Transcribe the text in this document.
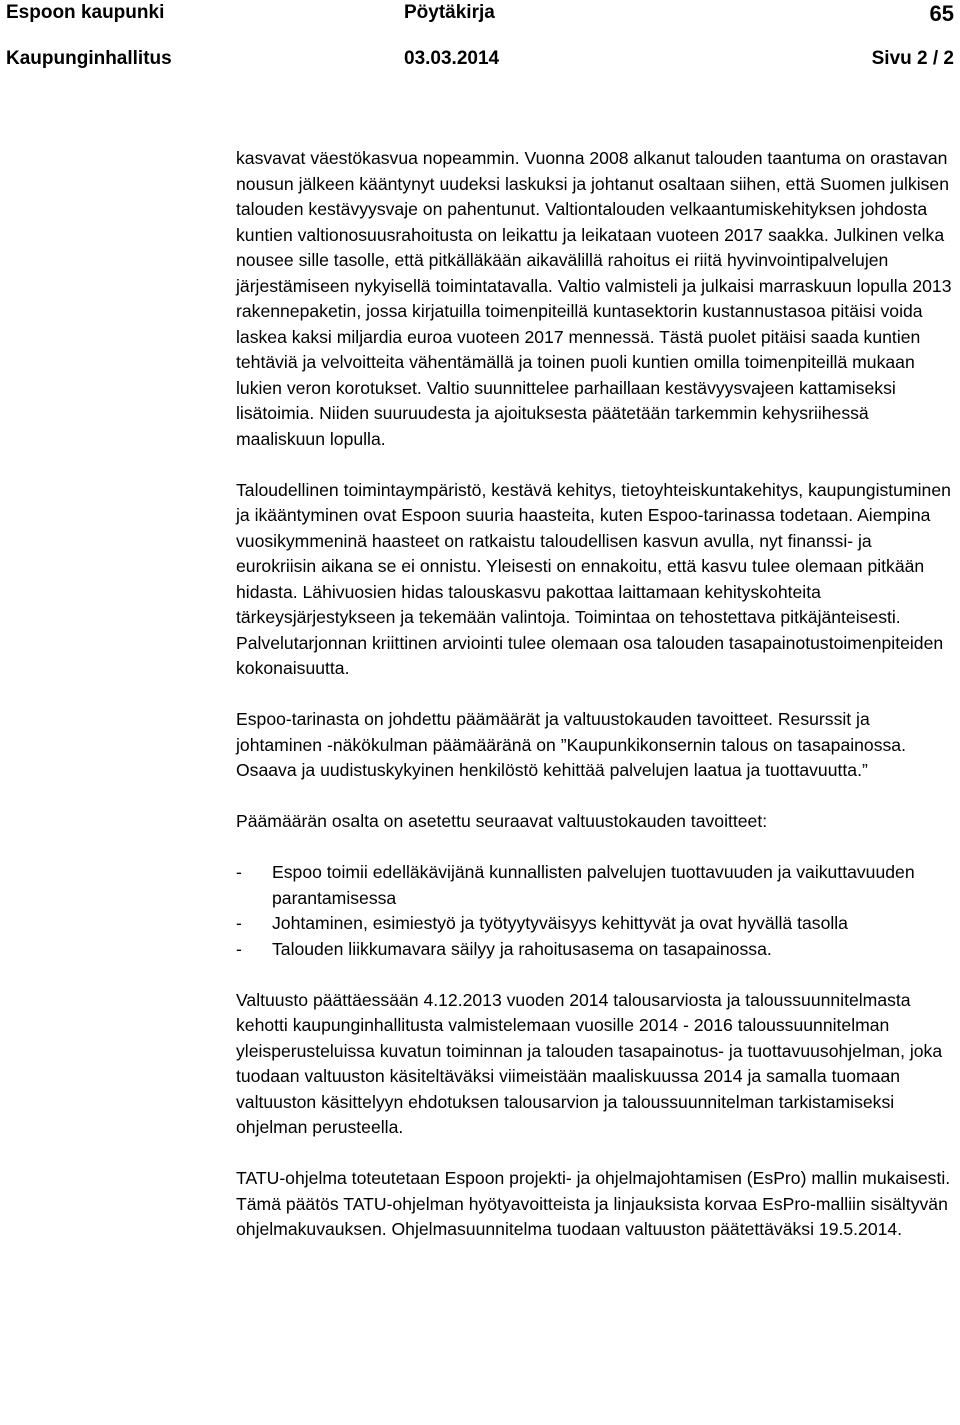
Espoon kaupunki	Pöytäkirja	65
Kaupunginhallitus	03.03.2014	Sivu 2 / 2

kasvavat väestökasvua nopeammin. Vuonna 2008 alkanut talouden taantuma on orastavan nousun jälkeen kääntynyt uudeksi laskuksi ja johtanut osaltaan siihen, että Suomen julkisen talouden kestävyysvaje on pahentunut. Valtiontalouden velkaantumiskehityksen johdosta kuntien valtionosuusrahoitusta on leikattu ja leikataan vuoteen 2017 saakka. Julkinen velka nousee sille tasolle, että pitkälläkään aikavälillä rahoitus ei riitä hyvinvointipalvelujen järjestämiseen nykyisellä toimintatavalla. Valtio valmisteli ja julkaisi marraskuun lopulla 2013 rakennepaketin, jossa kirjatuilla toimenpiteillä kuntasektorin kustannustasoa pitäisi voida laskea kaksi miljardia euroa vuoteen 2017 mennessä. Tästä puolet pitäisi saada kuntien tehtäviä ja velvoitteita vähentämällä ja toinen puoli kuntien omilla toimenpiteillä mukaan lukien veron korotukset. Valtio suunnittelee parhaillaan kestävyysvajeen kattamiseksi lisätoimia. Niiden suuruudesta ja ajoituksesta päätetään tarkemmin kehysriihessä maaliskuun lopulla.

Taloudellinen toimintaympäristö, kestävä kehitys, tietoyhteiskuntakehitys, kaupungistuminen ja ikääntyminen ovat Espoon suuria haasteita, kuten Espoo-tarinassa todetaan. Aiempina vuosikymmeninä haasteet on ratkaistu taloudellisen kasvun avulla, nyt finanssi- ja eurokriisin aikana se ei onnistu. Yleisesti on ennakoitu, että kasvu tulee olemaan pitkään hidasta. Lähivuosien hidas talouskasvu pakottaa laittamaan kehityskohteita tärkeysjärjestykseen ja tekemään valintoja. Toimintaa on tehostettava pitkäjänteisesti. Palvelutarjonnan kriittinen arviointi tulee olemaan osa talouden tasapainotustoimenpiteiden kokonaisuutta.

Espoo-tarinasta on johdettu päämäärät ja valtuustokauden tavoitteet. Resurssit ja johtaminen -näkökulman päämääränä on ”Kaupunkikonsernin talous on tasapainossa. Osaava ja uudistuskykyinen henkilöstö kehittää palvelujen laatua ja tuottavuutta.”

Päämäärän osalta on asetettu seuraavat valtuustokauden tavoitteet:

- Espoo toimii edelläkävijänä kunnallisten palvelujen tuottavuuden ja vaikuttavuuden parantamisessa
- Johtaminen, esimiestyö ja työtyytyväisyys kehittyvät ja ovat hyvällä tasolla
- Talouden liikkumavara säilyy ja rahoitusasema on tasapainossa.

Valtuusto päättäessään 4.12.2013 vuoden 2014 talousarviosta ja taloussuunnitelmasta kehotti kaupunginhallitusta valmistelemaan vuosille 2014 - 2016 taloussuunnitelman yleisperusteluissa kuvatun toiminnan ja talouden tasapainotus- ja tuottavuusohjelman, joka tuodaan valtuuston käsiteltäväksi viimeistään maaliskuussa 2014 ja samalla tuomaan valtuuston käsittelyyn ehdotuksen talousarvion ja taloussuunnitelman tarkistamiseksi ohjelman perusteella.

TATU-ohjelma toteutetaan Espoon projekti- ja ohjelmajohtamisen (EsPro) mallin mukaisesti. Tämä päätös TATU-ohjelman hyötyavoitteista ja linjauksista korvaa EsPro-malliin sisältyvän ohjelmakuvauksen. Ohjelmasuunnitelma tuodaan valtuuston päätettäväksi 19.5.2014.
